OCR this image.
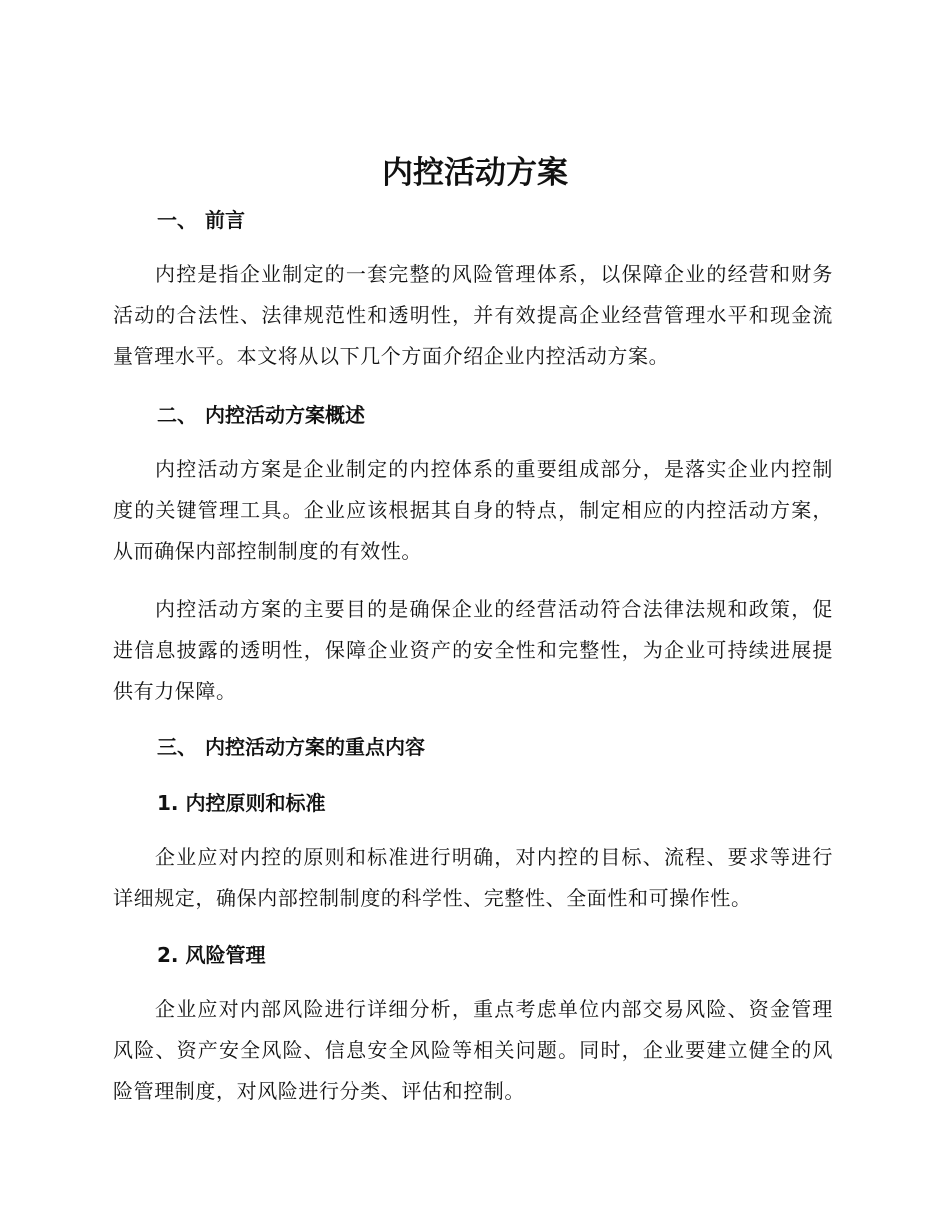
内控活动方案
一、 前言

内控是指企业制定的一套完整的风险管理体系，以保障企业的经营和财务活动的合法性、法律规范性和透明性，并有效提高企业经营管理水平和现金流量管理水平。本文将从以下几个方面介绍企业内控活动方案。

二、 内控活动方案概述

内控活动方案是企业制定的内控体系的重要组成部分，是落实企业内控制度的关键管理工具。企业应该根据其自身的特点，制定相应的内控活动方案，从而确保内部控制制度的有效性。

内控活动方案的主要目的是确保企业的经营活动符合法律法规和政策，促进信息披露的透明性，保障企业资产的安全性和完整性，为企业可持续进展提供有力保障。

三、 内控活动方案的重点内容
1. 内控原则和标准

企业应对内控的原则和标准进行明确，对内控的目标、流程、要求等进行详细规定，确保内部控制制度的科学性、完整性、全面性和可操作性。

2. 风险管理

企业应对内部风险进行详细分析，重点考虑单位内部交易风险、资金管理风险、资产安全风险、信息安全风险等相关问题。同时，企业要建立健全的风险管理制度，对风险进行分类、评估和控制。
